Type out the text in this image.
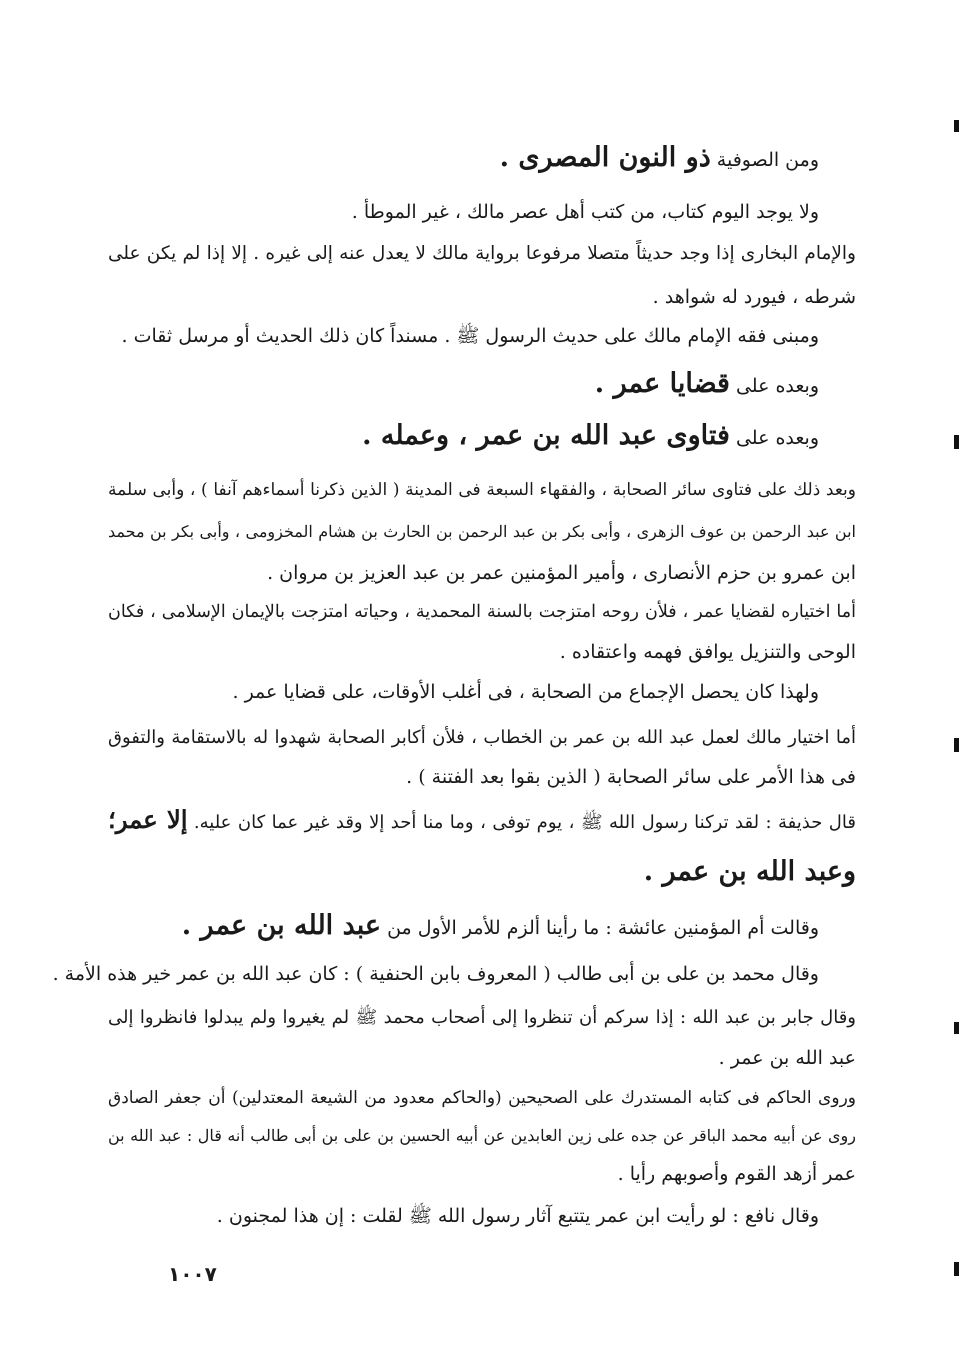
ومن الصوفية ذو النون المصرى .
ولا يوجد اليوم كتاب، من كتب أهل عصر مالك ، غير الموطأ .
والإمام البخارى إذا وجد حديثاً متصلا مرفوعا برواية مالك لا يعدل عنه إلى غيره . إلا إذا لم يكن على
شرطه ، فيورد له شواهد .
ومبنى فقه الإمام مالك على حديث الرسول ﷺ . مسنداً كان ذلك الحديث أو مرسل ثقات .
وبعده على قضايا عمر .
وبعده على فتاوى عبد الله بن عمر ، وعمله .
وبعد ذلك على فتاوى سائر الصحابة ، والفقهاء السبعة فى المدينة ( الذين ذكرنا أسماءهم آنفا ) ، وأبى سلمة
ابن عبد الرحمن بن عوف الزهرى ، وأبى بكر بن عبد الرحمن بن الحارث بن هشام المخزومى ، وأبى بكر بن محمد
ابن عمرو بن حزم الأنصارى ، وأمير المؤمنين عمر بن عبد العزيز بن مروان .
أما اختياره لقضايا عمر ، فلأن روحه امتزجت بالسنة المحمدية ، وحياته امتزجت بالإيمان الإسلامى ، فكان
الوحى والتنزيل يوافق فهمه واعتقاده .
ولهذا كان يحصل الإجماع من الصحابة ، فى أغلب الأوقات، على قضايا عمر .
أما اختيار مالك لعمل عبد الله بن عمر بن الخطاب ، فلأن أكابر الصحابة شهدوا له بالاستقامة والتفوق
فى هذا الأمر على سائر الصحابة ( الذين بقوا بعد الفتنة ) .
قال حذيفة : لقد تركنا رسول الله ﷺ ، يوم توفى ، وما منا أحد إلا وقد غير عما كان عليه. إلا عمر؛
وعبد الله بن عمر .
وقالت أم المؤمنين عائشة : ما رأينا ألزم للأمر الأول من عبد الله بن عمر .
وقال محمد بن على بن أبى طالب ( المعروف بابن الحنفية ) : كان عبد الله بن عمر خير هذه الأمة .
وقال جابر بن عبد الله : إذا سركم أن تنظروا إلى أصحاب محمد ﷺ لم يغيروا ولم يبدلوا فانظروا إلى
عبد الله بن عمر .
وروى الحاكم فى كتابه المستدرك على الصحيحين (والحاكم معدود من الشيعة المعتدلين) أن جعفر الصادق
روى عن أبيه محمد الباقر عن جده على زين العابدين عن أبيه الحسين بن على بن أبى طالب أنه قال : عبد الله بن
عمر أزهد القوم وأصوبهم رأيا .
وقال نافع : لو رأيت ابن عمر يتتبع آثار رسول الله ﷺ لقلت : إن هذا لمجنون .
١٠٠٧
